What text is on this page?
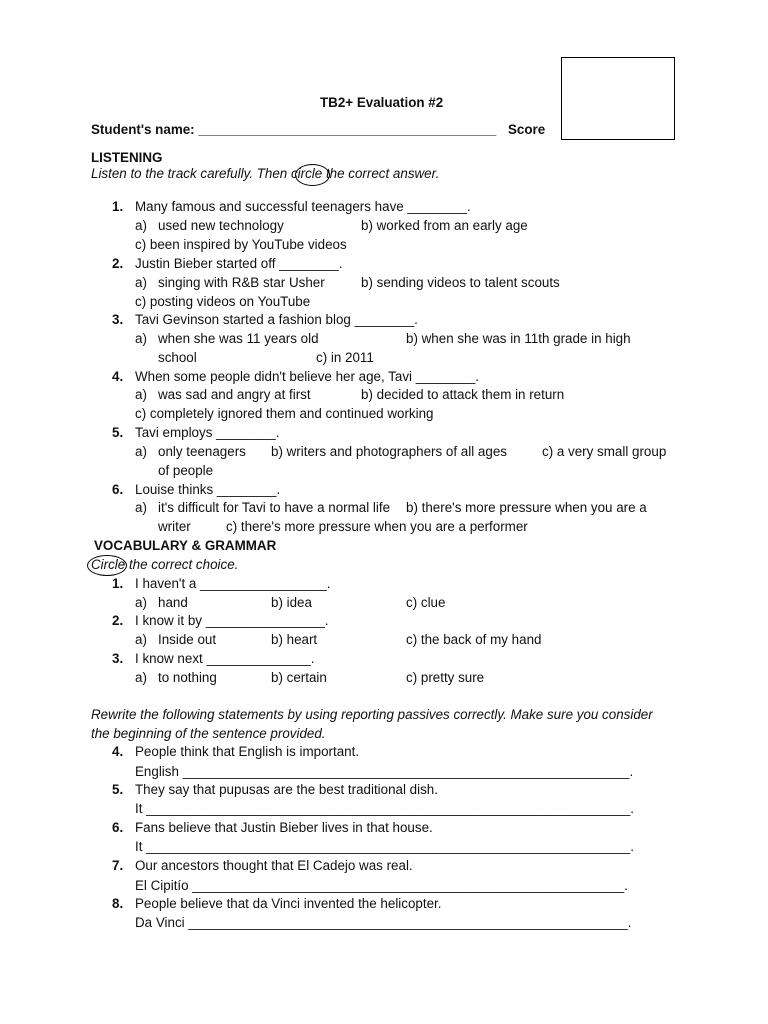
TB2+ Evaluation #2
Student's name: ________________________________________ Score
LISTENING
Listen to the track carefully. Then circle the correct answer.
1. Many famous and successful teenagers have ________.
a) used new technology	b) worked from an early age
c) been inspired by YouTube videos
2. Justin Bieber started off ________.
a) singing with R&B star Usher	b) sending videos to talent scouts
c) posting videos on YouTube
3. Tavi Gevinson started a fashion blog ________.
a) when she was 11 years old	b) when she was in 11th grade in high
school	c) in 2011
4. When some people didn't believe her age, Tavi ________.
a) was sad and angry at first	b) decided to attack them in return
c) completely ignored them and continued working
5. Tavi employs ________.
a) only teenagers b) writers and photographers of all ages	c) a very small group
of people
6. Louise thinks ________.
a) it's difficult for Tavi to have a normal life b) there's more pressure when you are a
writer	c) there's more pressure when you are a performer
VOCABULARY & GRAMMAR
Circle the correct choice.
1. I haven't a _________________.
a) hand	b) idea	c) clue
2. I know it by ________________.
a) Inside out	b) heart	c) the back of my hand
3. I know next ______________.
a) to nothing	b) certain	c) pretty sure
Rewrite the following statements by using reporting passives correctly. Make sure you consider
the beginning of the sentence provided.
4. People think that English is important.
English ____________________________________________________________.
5. They say that pupusas are the best traditional dish.
It _________________________________________________________________.
6. Fans believe that Justin Bieber lives in that house.
It _________________________________________________________________.
7. Our ancestors thought that El Cadejo was real.
El Cipitío __________________________________________________________.
8. People believe that da Vinci invented the helicopter.
Da Vinci ___________________________________________________________.
